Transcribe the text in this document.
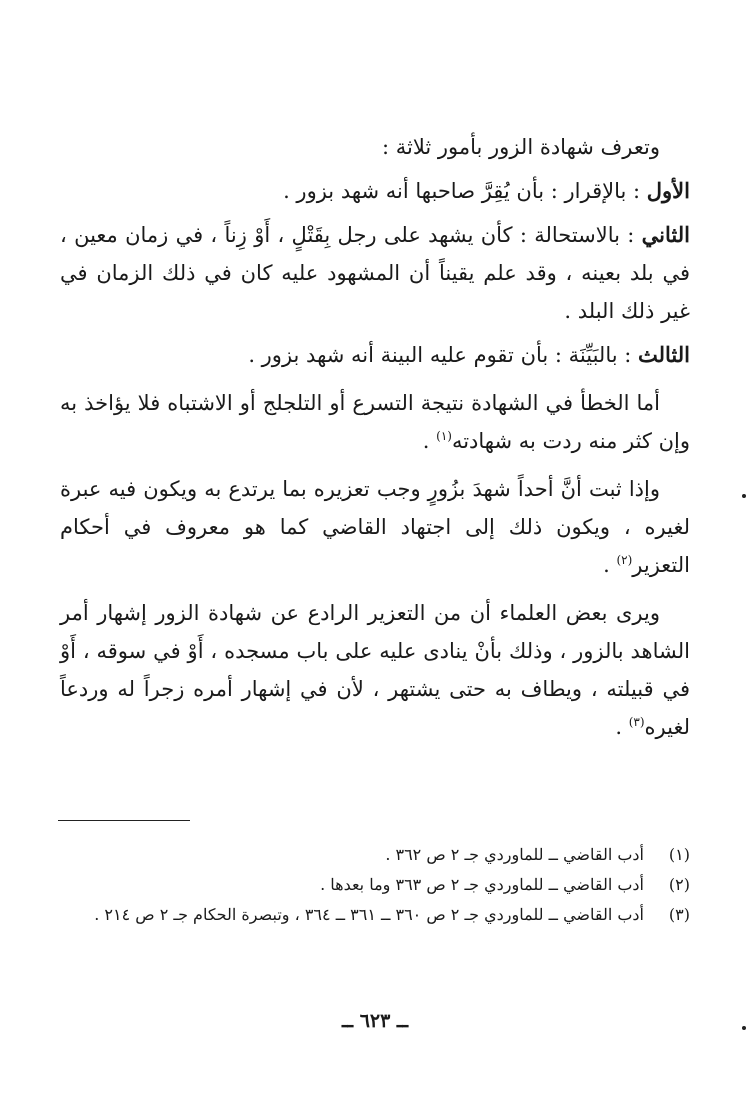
وتعرف شهادة الزور بأمور ثلاثة :

الأول : بالإقرار : بأن يُقِرَّ صاحبها أنه شهد بزور .

الثاني : بالاستحالة : كأن يشهد على رجل بِقَتْلٍ ، أَوْ زِناً ، في زمان معين ، في بلد بعينه ، وقد علم يقيناً أن المشهود عليه كان في ذلك الزمان في غير ذلك البلد .

الثالث : بالبَيِّنَة : بأن تقوم عليه البينة أنه شهد بزور .

أما الخطأ في الشهادة نتيجة التسرع أو التلجلج أو الاشتباه فلا يؤاخذ به وإن كثر منه ردت به شهادته$^{(١)}$ .

وإذا ثبت أنَّ أحداً شهدَ بزُورٍ وجب تعزيره بما يرتدع به ويكون فيه عبرة لغيره ، ويكون ذلك إلى اجتهاد القاضي كما هو معروف في أحكام التعزير$^{(٢)}$ .

ويرى بعض العلماء أن من التعزير الرادع عن شهادة الزور إشهار أمر الشاهد بالزور ، وذلك بأنْ ينادى عليه على باب مسجده ، أَوْ في سوقه ، أَوْ في قبيلته ، ويطاف به حتى يشتهر ، لأن في إشهار أمره زجراً له وردعاً لغيره$^{(٣)}$ .

(١)
أدب القاضي ــ للماوردي جـ ٢ ص ٣٦٢ .
(٢)
أدب القاضي ــ للماوردي جـ ٢ ص ٣٦٣ وما بعدها .
(٣)
أدب القاضي ــ للماوردي جـ ٢ ص ٣٦٠ ــ ٣٦١ ــ ٣٦٤ ، وتبصرة الحكام جـ ٢ ص ٢١٤ .
ــ ٦٢٣ ــ
